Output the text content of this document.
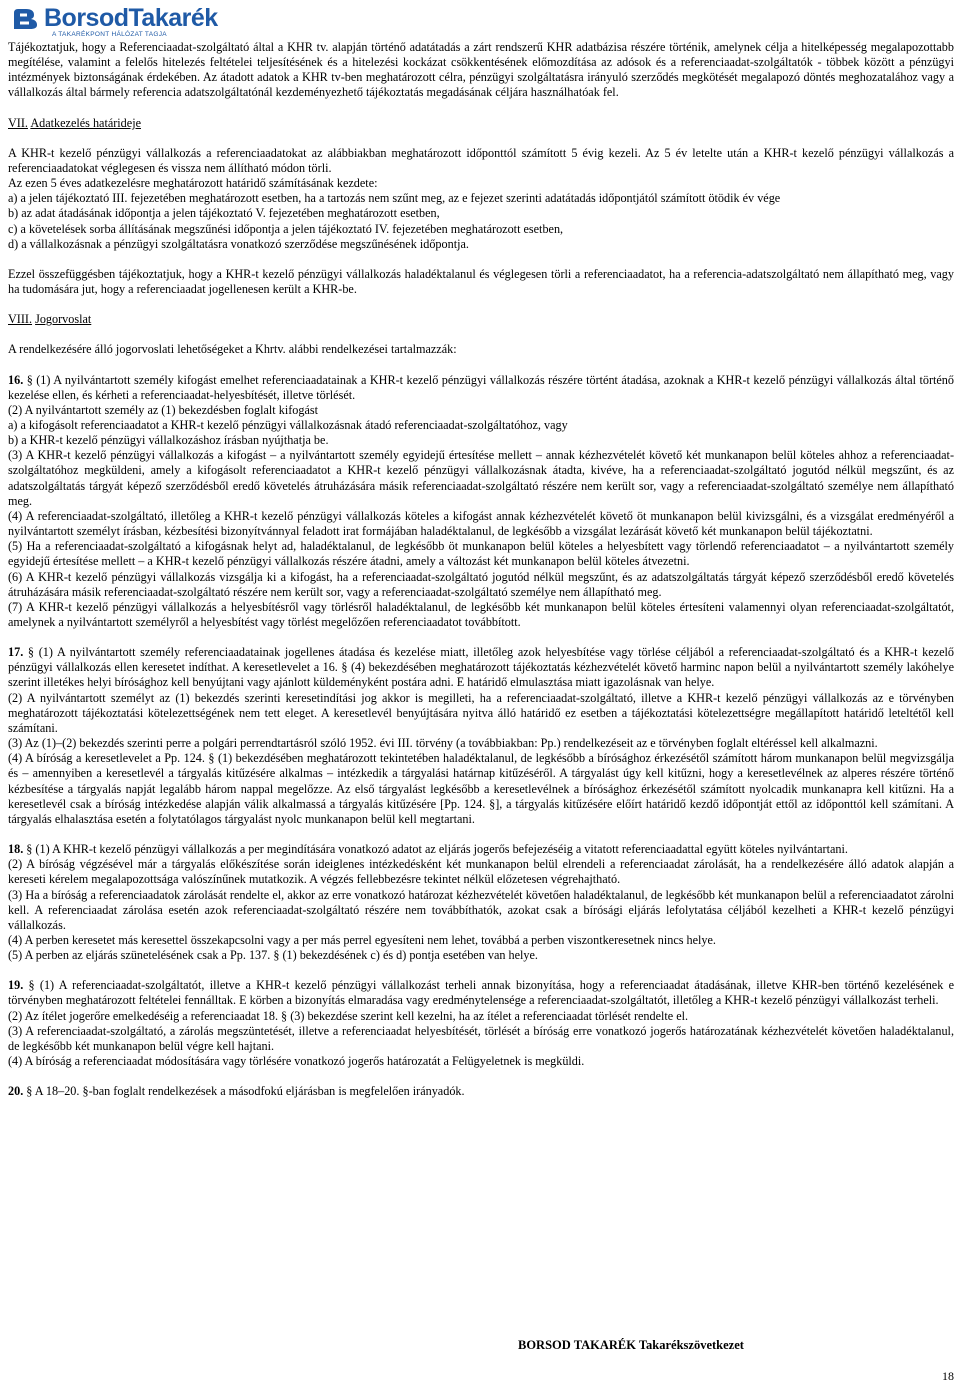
BorsodTakarék
A TAKARÉKPONT HÁLÓZAT TAGJA

Tájékoztatjuk, hogy a Referenciaadat-szolgáltató által a KHR tv. alapján történő adatátadás a zárt rendszerű KHR adatbázisa részére történik, amelynek célja a hitelképesség megalapozottabb megítélése, valamint a felelős hitelezés feltételei teljesítésének és a hitelezési kockázat csökkentésének előmozdítása az adósok és a referenciaadat-szolgáltatók - többek között a pénzügyi intézmények biztonságának érdekében. Az átadott adatok a KHR tv-ben meghatározott célra, pénzügyi szolgáltatásra irányuló szerződés megkötését megalapozó döntés meghozatalához vagy a vállalkozás által bármely referencia adatszolgáltatónál kezdeményezhető tájékoztatás megadásának céljára használhatóak fel.

VII. Adatkezelés határideje

A KHR-t kezelő pénzügyi vállalkozás a referenciaadatokat az alábbiakban meghatározott időponttól számított 5 évig kezeli. Az 5 év letelte után a KHR-t kezelő pénzügyi vállalkozás a referenciaadatokat véglegesen és vissza nem állítható módon törli.

Az ezen 5 éves adatkezelésre meghatározott határidő számításának kezdete:

a) a jelen tájékoztató III. fejezetében meghatározott esetben, ha a tartozás nem szűnt meg, az e fejezet szerinti adatátadás időpontjától számított ötödik év vége

b) az adat átadásának időpontja a jelen tájékoztató V. fejezetében meghatározott esetben,

c) a követelések sorba állításának megszűnési időpontja a jelen tájékoztató IV. fejezetében meghatározott esetben,

d) a vállalkozásnak a pénzügyi szolgáltatásra vonatkozó szerződése megszűnésének időpontja.

Ezzel összefüggésben tájékoztatjuk, hogy a KHR-t kezelő pénzügyi vállalkozás haladéktalanul és véglegesen törli a referenciaadatot, ha a referencia-adatszolgáltató nem állapítható meg, vagy ha tudomására jut, hogy a referenciaadat jogellenesen került a KHR-be.

VIII. Jogorvoslat

A rendelkezésére álló jogorvoslati lehetőségeket a Khrtv. alábbi rendelkezései tartalmazzák:

16. § (1) A nyilvántartott személy kifogást emelhet referenciaadatainak a KHR-t kezelő pénzügyi vállalkozás részére történt átadása, azoknak a KHR-t kezelő pénzügyi vállalkozás által történő kezelése ellen, és kérheti a referenciaadat-helyesbítését, illetve törlését.

(2) A nyilvántartott személy az (1) bekezdésben foglalt kifogást

a) a kifogásolt referenciaadatot a KHR-t kezelő pénzügyi vállalkozásnak átadó referenciaadat-szolgáltatóhoz, vagy

b) a KHR-t kezelő pénzügyi vállalkozáshoz írásban nyújthatja be.

(3) A KHR-t kezelő pénzügyi vállalkozás a kifogást – a nyilvántartott személy egyidejű értesítése mellett – annak kézhezvételét követő két munkanapon belül köteles ahhoz a referenciaadat-szolgáltatóhoz megküldeni, amely a kifogásolt referenciaadatot a KHR-t kezelő pénzügyi vállalkozásnak átadta, kivéve, ha a referenciaadat-szolgáltató jogutód nélkül megszűnt, és az adatszolgáltatás tárgyát képező szerződésből eredő követelés átruházására másik referenciaadat-szolgáltató részére nem került sor, vagy a referenciaadat-szolgáltató személye nem állapítható meg.

(4) A referenciaadat-szolgáltató, illetőleg a KHR-t kezelő pénzügyi vállalkozás köteles a kifogást annak kézhezvételét követő öt munkanapon belül kivizsgálni, és a vizsgálat eredményéről a nyilvántartott személyt írásban, kézbesítési bizonyítvánnyal feladott irat formájában haladéktalanul, de legkésőbb a vizsgálat lezárását követő két munkanapon belül tájékoztatni.

(5) Ha a referenciaadat-szolgáltató a kifogásnak helyt ad, haladéktalanul, de legkésőbb öt munkanapon belül köteles a helyesbített vagy törlendő referenciaadatot – a nyilvántartott személy egyidejű értesítése mellett – a KHR-t kezelő pénzügyi vállalkozás részére átadni, amely a változást két munkanapon belül köteles átvezetni.

(6) A KHR-t kezelő pénzügyi vállalkozás vizsgálja ki a kifogást, ha a referenciaadat-szolgáltató jogutód nélkül megszűnt, és az adatszolgáltatás tárgyát képező szerződésből eredő követelés átruházására másik referenciaadat-szolgáltató részére nem került sor, vagy a referenciaadat-szolgáltató személye nem állapítható meg.

(7) A KHR-t kezelő pénzügyi vállalkozás a helyesbítésről vagy törlésről haladéktalanul, de legkésőbb két munkanapon belül köteles értesíteni valamennyi olyan referenciaadat-szolgáltatót, amelynek a nyilvántartott személyről a helyesbítést vagy törlést megelőzően referenciaadatot továbbított.

17. § (1) A nyilvántartott személy referenciaadatainak jogellenes átadása és kezelése miatt, illetőleg azok helyesbítése vagy törlése céljából a referenciaadat-szolgáltató és a KHR-t kezelő pénzügyi vállalkozás ellen keresetet indíthat. A keresetlevelet a 16. § (4) bekezdésében meghatározott tájékoztatás kézhezvételét követő harminc napon belül a nyilvántartott személy lakóhelye szerint illetékes helyi bírósághoz kell benyújtani vagy ajánlott küldeményként postára adni. E határidő elmulasztása miatt igazolásnak van helye.

(2) A nyilvántartott személyt az (1) bekezdés szerinti keresetindítási jog akkor is megilleti, ha a referenciaadat-szolgáltató, illetve a KHR-t kezelő pénzügyi vállalkozás az e törvényben meghatározott tájékoztatási kötelezettségének nem tett eleget. A keresetlevél benyújtására nyitva álló határidő ez esetben a tájékoztatási kötelezettségre megállapított határidő leteltétől kell számítani.

(3) Az (1)–(2) bekezdés szerinti perre a polgári perrendtartásról szóló 1952. évi III. törvény (a továbbiakban: Pp.) rendelkezéseit az e törvényben foglalt eltéréssel kell alkalmazni.

(4) A bíróság a keresetlevelet a Pp. 124. § (1) bekezdésében meghatározott tekintetében haladéktalanul, de legkésőbb a bírósághoz érkezésétől számított három munkanapon belül megvizsgálja és – amennyiben a keresetlevél a tárgyalás kitűzésére alkalmas – intézkedik a tárgyalási határnap kitűzéséről. A tárgyalást úgy kell kitűzni, hogy a keresetlevélnek az alperes részére történő kézbesítése a tárgyalás napját legalább három nappal megelőzze. Az első tárgyalást legkésőbb a keresetlevélnek a bírósághoz érkezésétől számított nyolcadik munkanapra kell kitűzni. Ha a keresetlevél csak a bíróság intézkedése alapján válik alkalmassá a tárgyalás kitűzésére [Pp. 124. §], a tárgyalás kitűzésére előírt határidő kezdő időpontját ettől az időponttól kell számítani. A tárgyalás elhalasztása esetén a folytatólagos tárgyalást nyolc munkanapon belül kell megtartani.

18. § (1) A KHR-t kezelő pénzügyi vállalkozás a per megindítására vonatkozó adatot az eljárás jogerős befejezéséig a vitatott referenciaadattal együtt köteles nyilvántartani.

(2) A bíróság végzésével már a tárgyalás előkészítése során ideiglenes intézkedésként két munkanapon belül elrendeli a referenciaadat zárolását, ha a rendelkezésére álló adatok alapján a kereseti kérelem megalapozottsága valószínűnek mutatkozik. A végzés fellebbezésre tekintet nélkül előzetesen végrehajtható.

(3) Ha a bíróság a referenciaadatok zárolását rendelte el, akkor az erre vonatkozó határozat kézhezvételét követően haladéktalanul, de legkésőbb két munkanapon belül a referenciaadatot zárolni kell. A referenciaadat zárolása esetén azok referenciaadat-szolgáltató részére nem továbbíthatók, azokat csak a bírósági eljárás lefolytatása céljából kezelheti a KHR-t kezelő pénzügyi vállalkozás.

(4) A perben keresetet más keresettel összekapcsolni vagy a per más perrel egyesíteni nem lehet, továbbá a perben viszontkeresetnek nincs helye.

(5) A perben az eljárás szünetelésének csak a Pp. 137. § (1) bekezdésének c) és d) pontja esetében van helye.

19. § (1) A referenciaadat-szolgáltatót, illetve a KHR-t kezelő pénzügyi vállalkozást terheli annak bizonyítása, hogy a referenciaadat átadásának, illetve KHR-ben történő kezelésének e törvényben meghatározott feltételei fennálltak. E körben a bizonyítás elmaradása vagy eredménytelensége a referenciaadat-szolgáltatót, illetőleg a KHR-t kezelő pénzügyi vállalkozást terheli.

(2) Az ítélet jogerőre emelkedéséig a referenciaadat 18. § (3) bekezdése szerint kell kezelni, ha az ítélet a referenciaadat törlését rendelte el.

(3) A referenciaadat-szolgáltató, a zárolás megszüntetését, illetve a referenciaadat helyesbítését, törlését a bíróság erre vonatkozó jogerős határozatának kézhezvételét követően haladéktalanul, de legkésőbb két munkanapon belül végre kell hajtani.

(4) A bíróság a referenciaadat módosítására vagy törlésére vonatkozó jogerős határozatát a Felügyeletnek is megküldi.

20. § A 18–20. §-ban foglalt rendelkezések a másodfokú eljárásban is megfelelően irányadók.

BORSOD TAKARÉK Takarékszövetkezet
18
